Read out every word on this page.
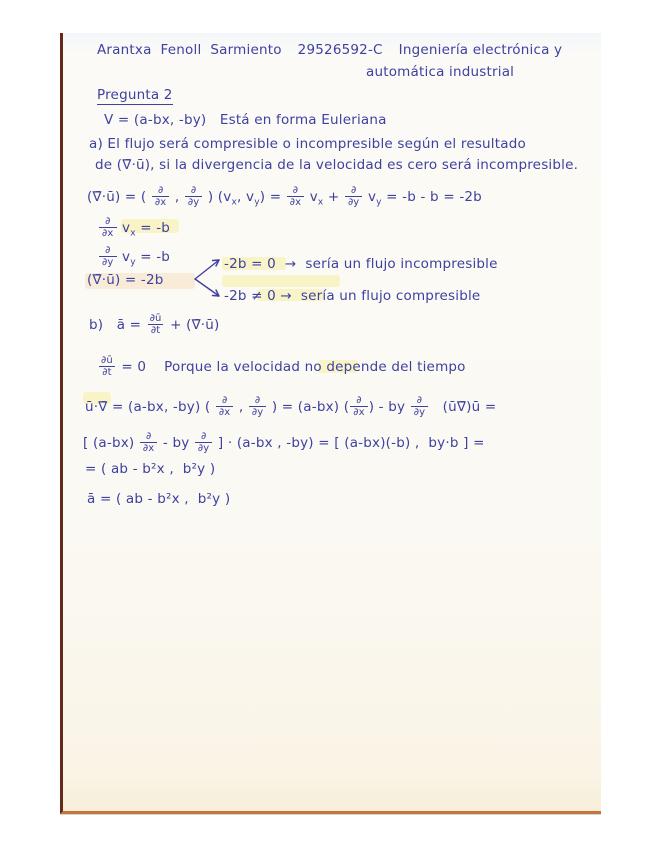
Arantxa  Fenoll  Sarmiento 29526592-C Ingeniería electrónica y
automática industrial
Pregunta 2
V = (a-bx, -by)   Está en forma Euleriana
a) El flujo será compresible o incompresible según el resultado
de (∇̄·ū), si la divergencia de la velocidad es cero será incompresible.
(∇̄·ū) = ( $\frac{\partial}{\partial x}$ , $\frac{\partial}{\partial y}$ ) ( $v_x$ , $v_y$ ) = $\frac{\partial}{\partial x}$
$v_x + \frac{\partial}{\partial y}$
$v_y = -b - b = -2b$
$\frac{\partial}{\partial x}$
$v_x = -b$
$\frac{\partial}{\partial y}$
$v_y = -b$
(∇̄·ū) = -2b
-2b = 0  →  sería un flujo incompresible
-2b ≠ 0 →  sería un flujo compresible
b)   ā = $\frac{\partial ū}{\partial t}$ + (∇̄·ū)
$\frac{\partial ū}{\partial t} = 0$    Porque la velocidad no depende del tiempo
ū·∇̄ = (a-bx, -by) ( $\frac{\partial}{\partial x}$ , $\frac{\partial}{\partial y}$ ) = (a-bx) ( $\frac{\partial}{\partial x}$ ) - by $\frac{\partial}{\partial y}$ (ū∇̄)ū =
[ $(a-bx) \frac{\partial}{\partial x}$ - by $\frac{\partial}{\partial y}$ ] · (a-bx , -by) = [ (a-bx)(-b) ,  by·b ] =
= ( ab - b²x ,  b²y )
ā = ( ab - b²x ,  b²y )
